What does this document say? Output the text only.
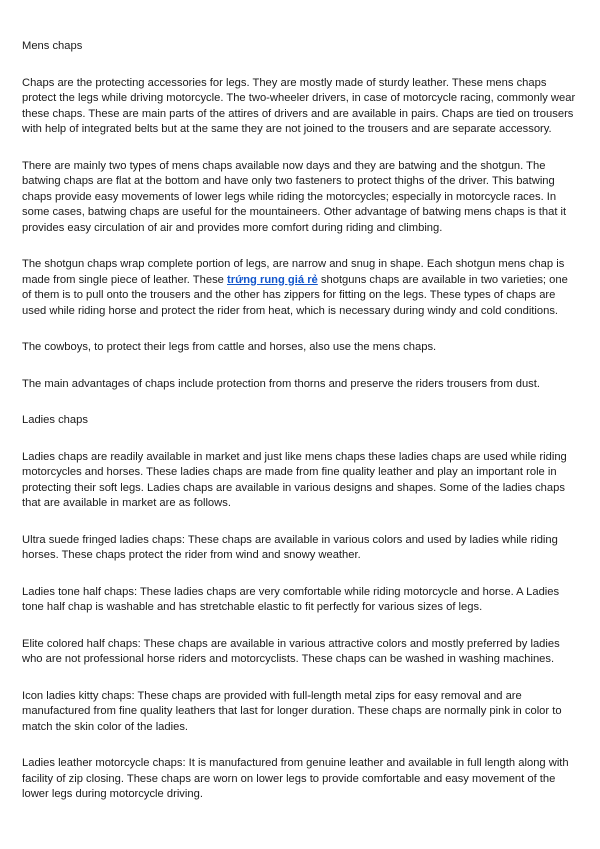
Mens chaps

Chaps are the protecting accessories for legs. They are mostly made of sturdy leather. These mens chaps protect the legs while driving motorcycle. The two-wheeler drivers, in case of motorcycle racing, commonly wear these chaps. These are main parts of the attires of drivers and are available in pairs. Chaps are tied on trousers with help of integrated belts but at the same they are not joined to the trousers and are separate accessory.

There are mainly two types of mens chaps available now days and they are batwing and the shotgun. The batwing chaps are flat at the bottom and have only two fasteners to protect thighs of the driver. This batwing chaps provide easy movements of lower legs while riding the motorcycles; especially in motorcycle races. In some cases, batwing chaps are useful for the mountaineers. Other advantage of batwing mens chaps is that it provides easy circulation of air and provides more comfort during riding and climbing.

The shotgun chaps wrap complete portion of legs, are narrow and snug in shape. Each shotgun mens chap is made from single piece of leather. These trứng rung giá rẻ shotguns chaps are available in two varieties; one of them is to pull onto the trousers and the other has zippers for fitting on the legs. These types of chaps are used while riding horse and protect the rider from heat, which is necessary during windy and cold conditions.

The cowboys, to protect their legs from cattle and horses, also use the mens chaps.

The main advantages of chaps include protection from thorns and preserve the riders trousers from dust.

Ladies chaps

Ladies chaps are readily available in market and just like mens chaps these ladies chaps are used while riding motorcycles and horses. These ladies chaps are made from fine quality leather and play an important role in protecting their soft legs. Ladies chaps are available in various designs and shapes. Some of the ladies chaps that are available in market are as follows.

Ultra suede fringed ladies chaps: These chaps are available in various colors and used by ladies while riding horses. These chaps protect the rider from wind and snowy weather.

Ladies tone half chaps: These ladies chaps are very comfortable while riding motorcycle and horse. A Ladies tone half chap is washable and has stretchable elastic to fit perfectly for various sizes of legs.

Elite colored half chaps: These chaps are available in various attractive colors and mostly preferred by ladies who are not professional horse riders and motorcyclists. These chaps can be washed in washing machines.

Icon ladies kitty chaps: These chaps are provided with full-length metal zips for easy removal and are manufactured from fine quality leathers that last for longer duration. These chaps are normally pink in color to match the skin color of the ladies.

Ladies leather motorcycle chaps: It is manufactured from genuine leather and available in full length along with facility of zip closing. These chaps are worn on lower legs to provide comfortable and easy movement of the lower legs during motorcycle driving.
